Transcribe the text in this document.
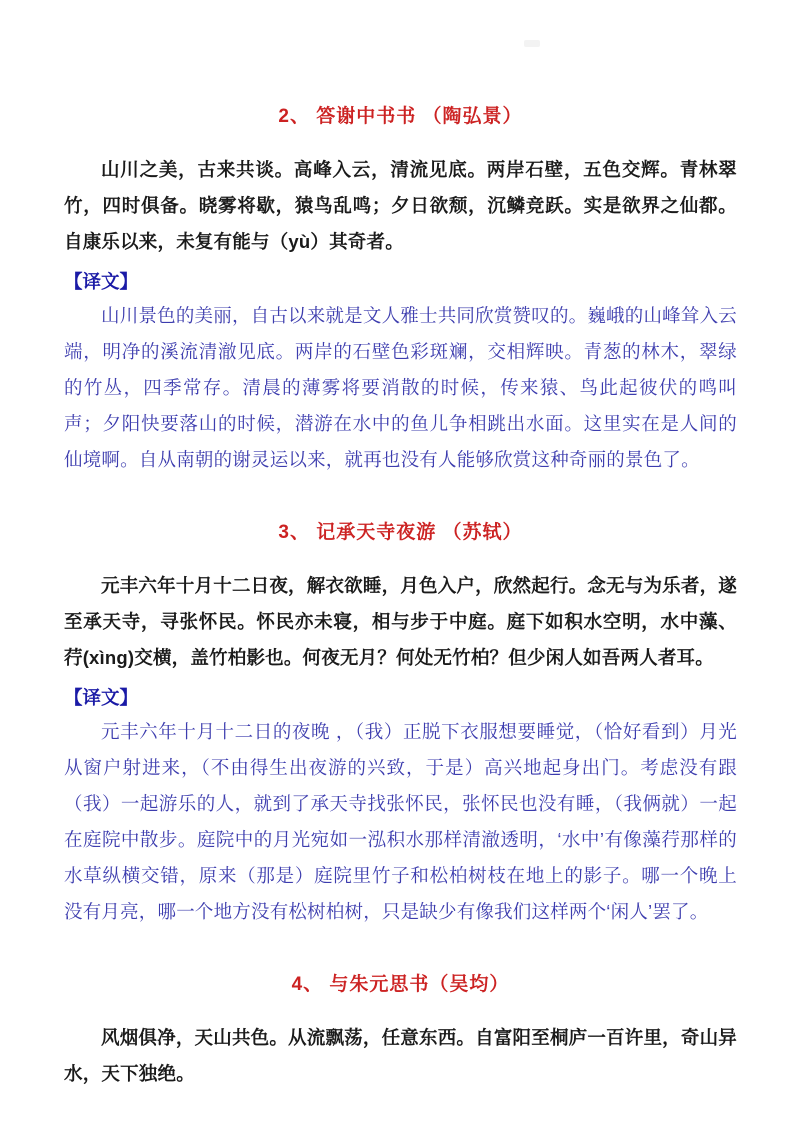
2、 答谢中书书 （陶弘景）

山川之美，古来共谈。高峰入云，清流见底。两岸石壁，五色交辉。青林翠竹，四时俱备。晓雾将歇，猿鸟乱鸣；夕日欲颓，沉鳞竞跃。实是欲界之仙都。自康乐以来，未复有能与（yù）其奇者。

【译文】

山川景色的美丽，自古以来就是文人雅士共同欣赏赞叹的。巍峨的山峰耸入云端，明净的溪流清澈见底。两岸的石壁色彩斑斓，交相辉映。青葱的林木，翠绿的竹丛，四季常存。清晨的薄雾将要消散的时候，传来猿、鸟此起彼伏的鸣叫声；夕阳快要落山的时候，潜游在水中的鱼儿争相跳出水面。这里实在是人间的仙境啊。自从南朝的谢灵运以来，就再也没有人能够欣赏这种奇丽的景色了。

3、 记承天寺夜游 （苏轼）

元丰六年十月十二日夜，解衣欲睡，月色入户，欣然起行。念无与为乐者，遂至承天寺，寻张怀民。怀民亦未寝，相与步于中庭。庭下如积水空明，水中藻、荇(xìng)交横，盖竹柏影也。何夜无月？何处无竹柏？但少闲人如吾两人者耳。

【译文】

元丰六年十月十二日的夜晚 ，（我）正脱下衣服想要睡觉，（恰好看到）月光从窗户射进来，（不由得生出夜游的兴致，于是）高兴地起身出门。考虑没有跟（我）一起游乐的人，就到了承天寺找张怀民，张怀民也没有睡，（我俩就）一起在庭院中散步。庭院中的月光宛如一泓积水那样清澈透明，‘水中’有像藻荇那样的水草纵横交错，原来（那是）庭院里竹子和松柏树枝在地上的影子。哪一个晚上没有月亮，哪一个地方没有松树柏树，只是缺少有像我们这样两个‘闲人’罢了。

4、 与朱元思书（吴均）

风烟俱净，天山共色。从流飘荡，任意东西。自富阳至桐庐一百许里，奇山异水，天下独绝。
